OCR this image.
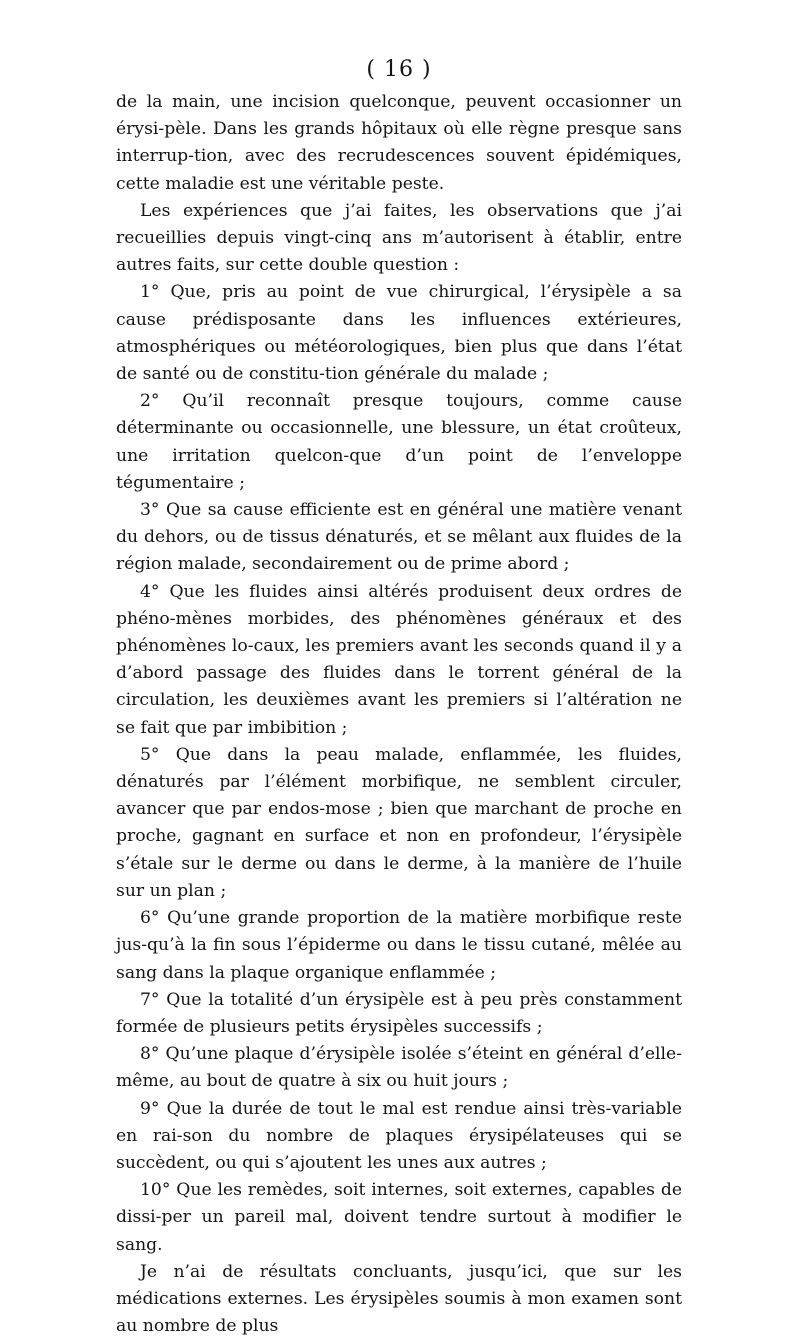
( 16 )

de la main, une incision quelconque, peuvent occasionner un érysi-pèle. Dans les grands hôpitaux où elle règne presque sans interrup-tion, avec des recrudescences souvent épidémiques, cette maladie est une véritable peste.

Les expériences que j’ai faites, les observations que j’ai recueillies depuis vingt-cinq ans m’autorisent à établir, entre autres faits, sur cette double question :

1° Que, pris au point de vue chirurgical, l’érysipèle a sa cause prédisposante dans les influences extérieures, atmosphériques ou météorologiques, bien plus que dans l’état de santé ou de constitu-tion générale du malade ;

2° Qu’il reconnaît presque toujours, comme cause déterminante ou occasionnelle, une blessure, un état croûteux, une irritation quelcon-que d’un point de l’enveloppe tégumentaire ;

3° Que sa cause efficiente est en général une matière venant du dehors, ou de tissus dénaturés, et se mêlant aux fluides de la région malade, secondairement ou de prime abord ;

4° Que les fluides ainsi altérés produisent deux ordres de phéno-mènes morbides, des phénomènes généraux et des phénomènes lo-caux, les premiers avant les seconds quand il y a d’abord passage des fluides dans le torrent général de la circulation, les deuxièmes avant les premiers si l’altération ne se fait que par imbibition ;

5° Que dans la peau malade, enflammée, les fluides, dénaturés par l’élément morbifique, ne semblent circuler, avancer que par endos-mose ; bien que marchant de proche en proche, gagnant en surface et non en profondeur, l’érysipèle s’étale sur le derme ou dans le derme, à la manière de l’huile sur un plan ;

6° Qu’une grande proportion de la matière morbifique reste jus-qu’à la fin sous l’épiderme ou dans le tissu cutané, mêlée au sang dans la plaque organique enflammée ;

7° Que la totalité d’un érysipèle est à peu près constamment formée de plusieurs petits érysipèles successifs ;

8° Qu’une plaque d’érysipèle isolée s’éteint en général d’elle-même, au bout de quatre à six ou huit jours ;

9° Que la durée de tout le mal est rendue ainsi très-variable en rai-son du nombre de plaques érysipélateuses qui se succèdent, ou qui s’ajoutent les unes aux autres ;

10° Que les remèdes, soit internes, soit externes, capables de dissi-per un pareil mal, doivent tendre surtout à modifier le sang.

Je n’ai de résultats concluants, jusqu’ici, que sur les médications externes. Les érysipèles soumis à mon examen sont au nombre de plus
